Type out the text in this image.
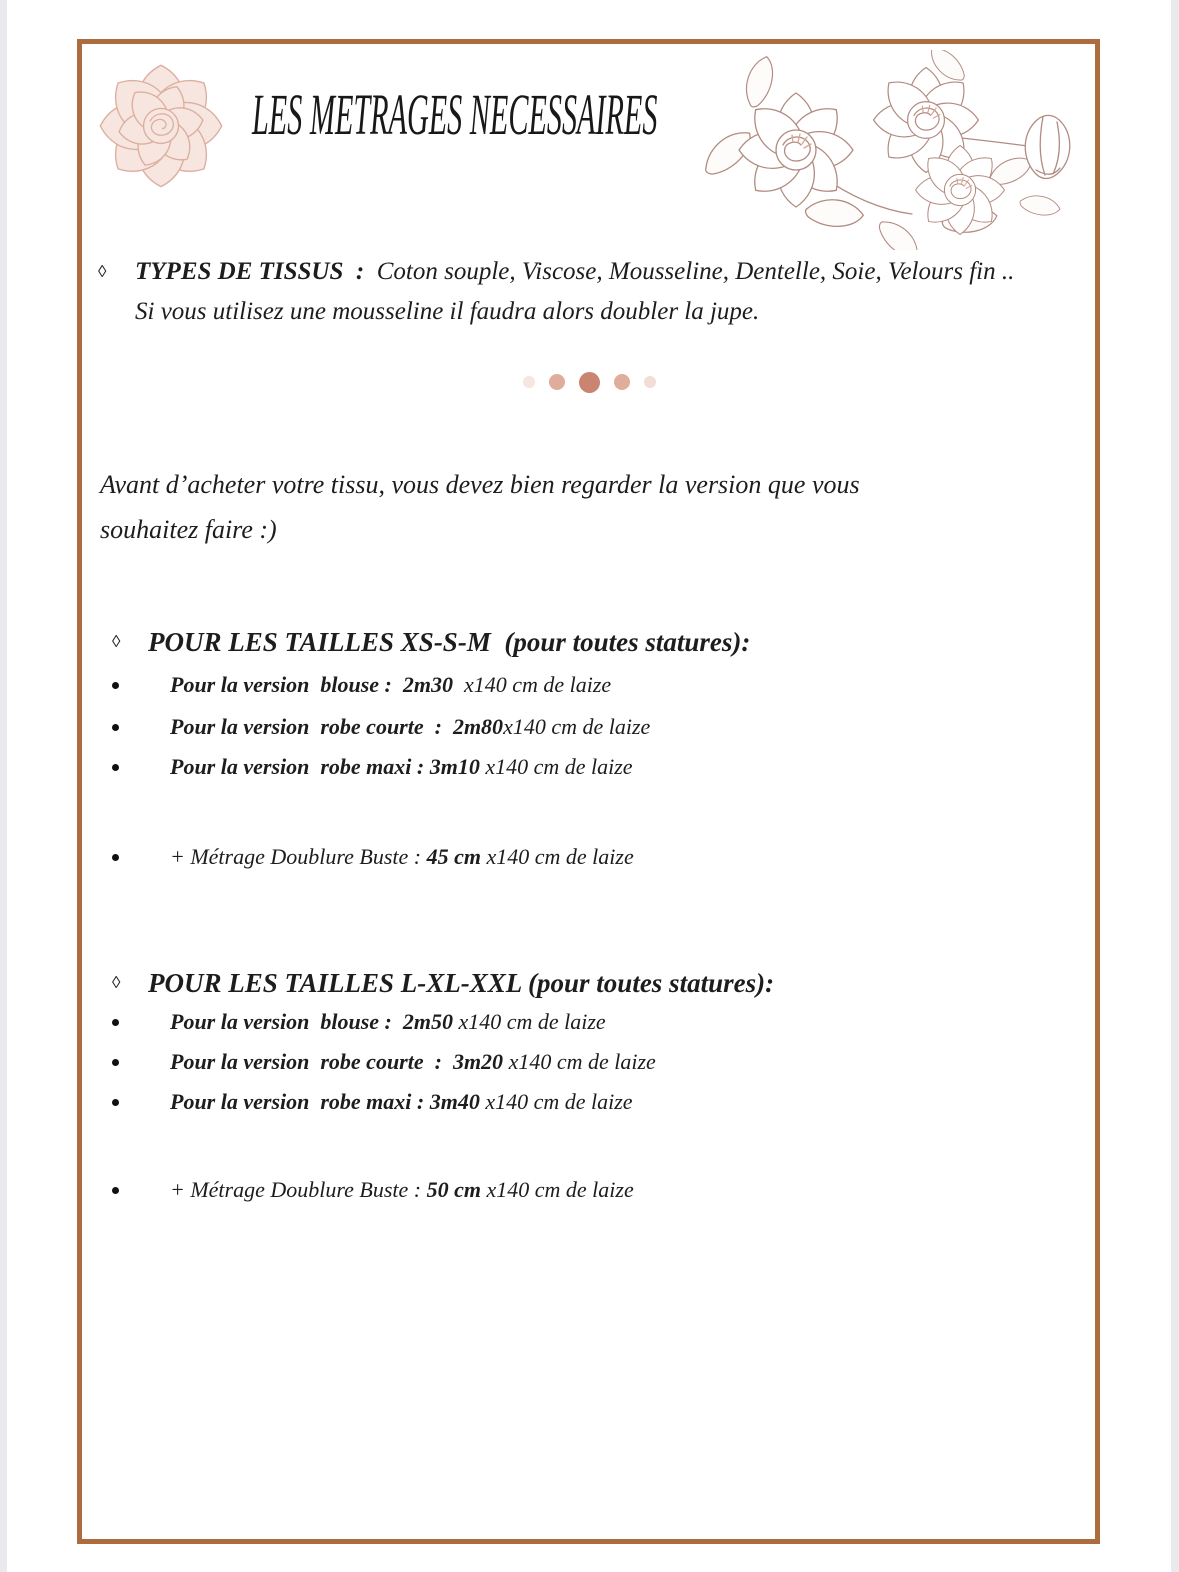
LES METRAGES NECESSAIRES
◊	TYPES DE TISSUS  :  Coton souple, Viscose, Mousseline, Dentelle, Soie, Velours fin ..
Si vous utilisez une mousseline il faudra alors doubler la jupe.
Avant d’acheter votre tissu, vous devez bien regarder la version que vous
souhaitez faire :)
◊	POUR LES TAILLES XS-S-M  (pour toutes statures):
Pour la version  blouse :  2m30  x140 cm de laize
Pour la version  robe courte  :  2m80x140 cm de laize
Pour la version  robe maxi : 3m10 x140 cm de laize
+ Métrage Doublure Buste : 45 cm x140 cm de laize
◊	POUR LES TAILLES L-XL-XXL (pour toutes statures):
Pour la version  blouse :  2m50 x140 cm de laize
Pour la version  robe courte  :  3m20 x140 cm de laize
Pour la version  robe maxi : 3m40 x140 cm de laize
+ Métrage Doublure Buste : 50 cm x140 cm de laize
